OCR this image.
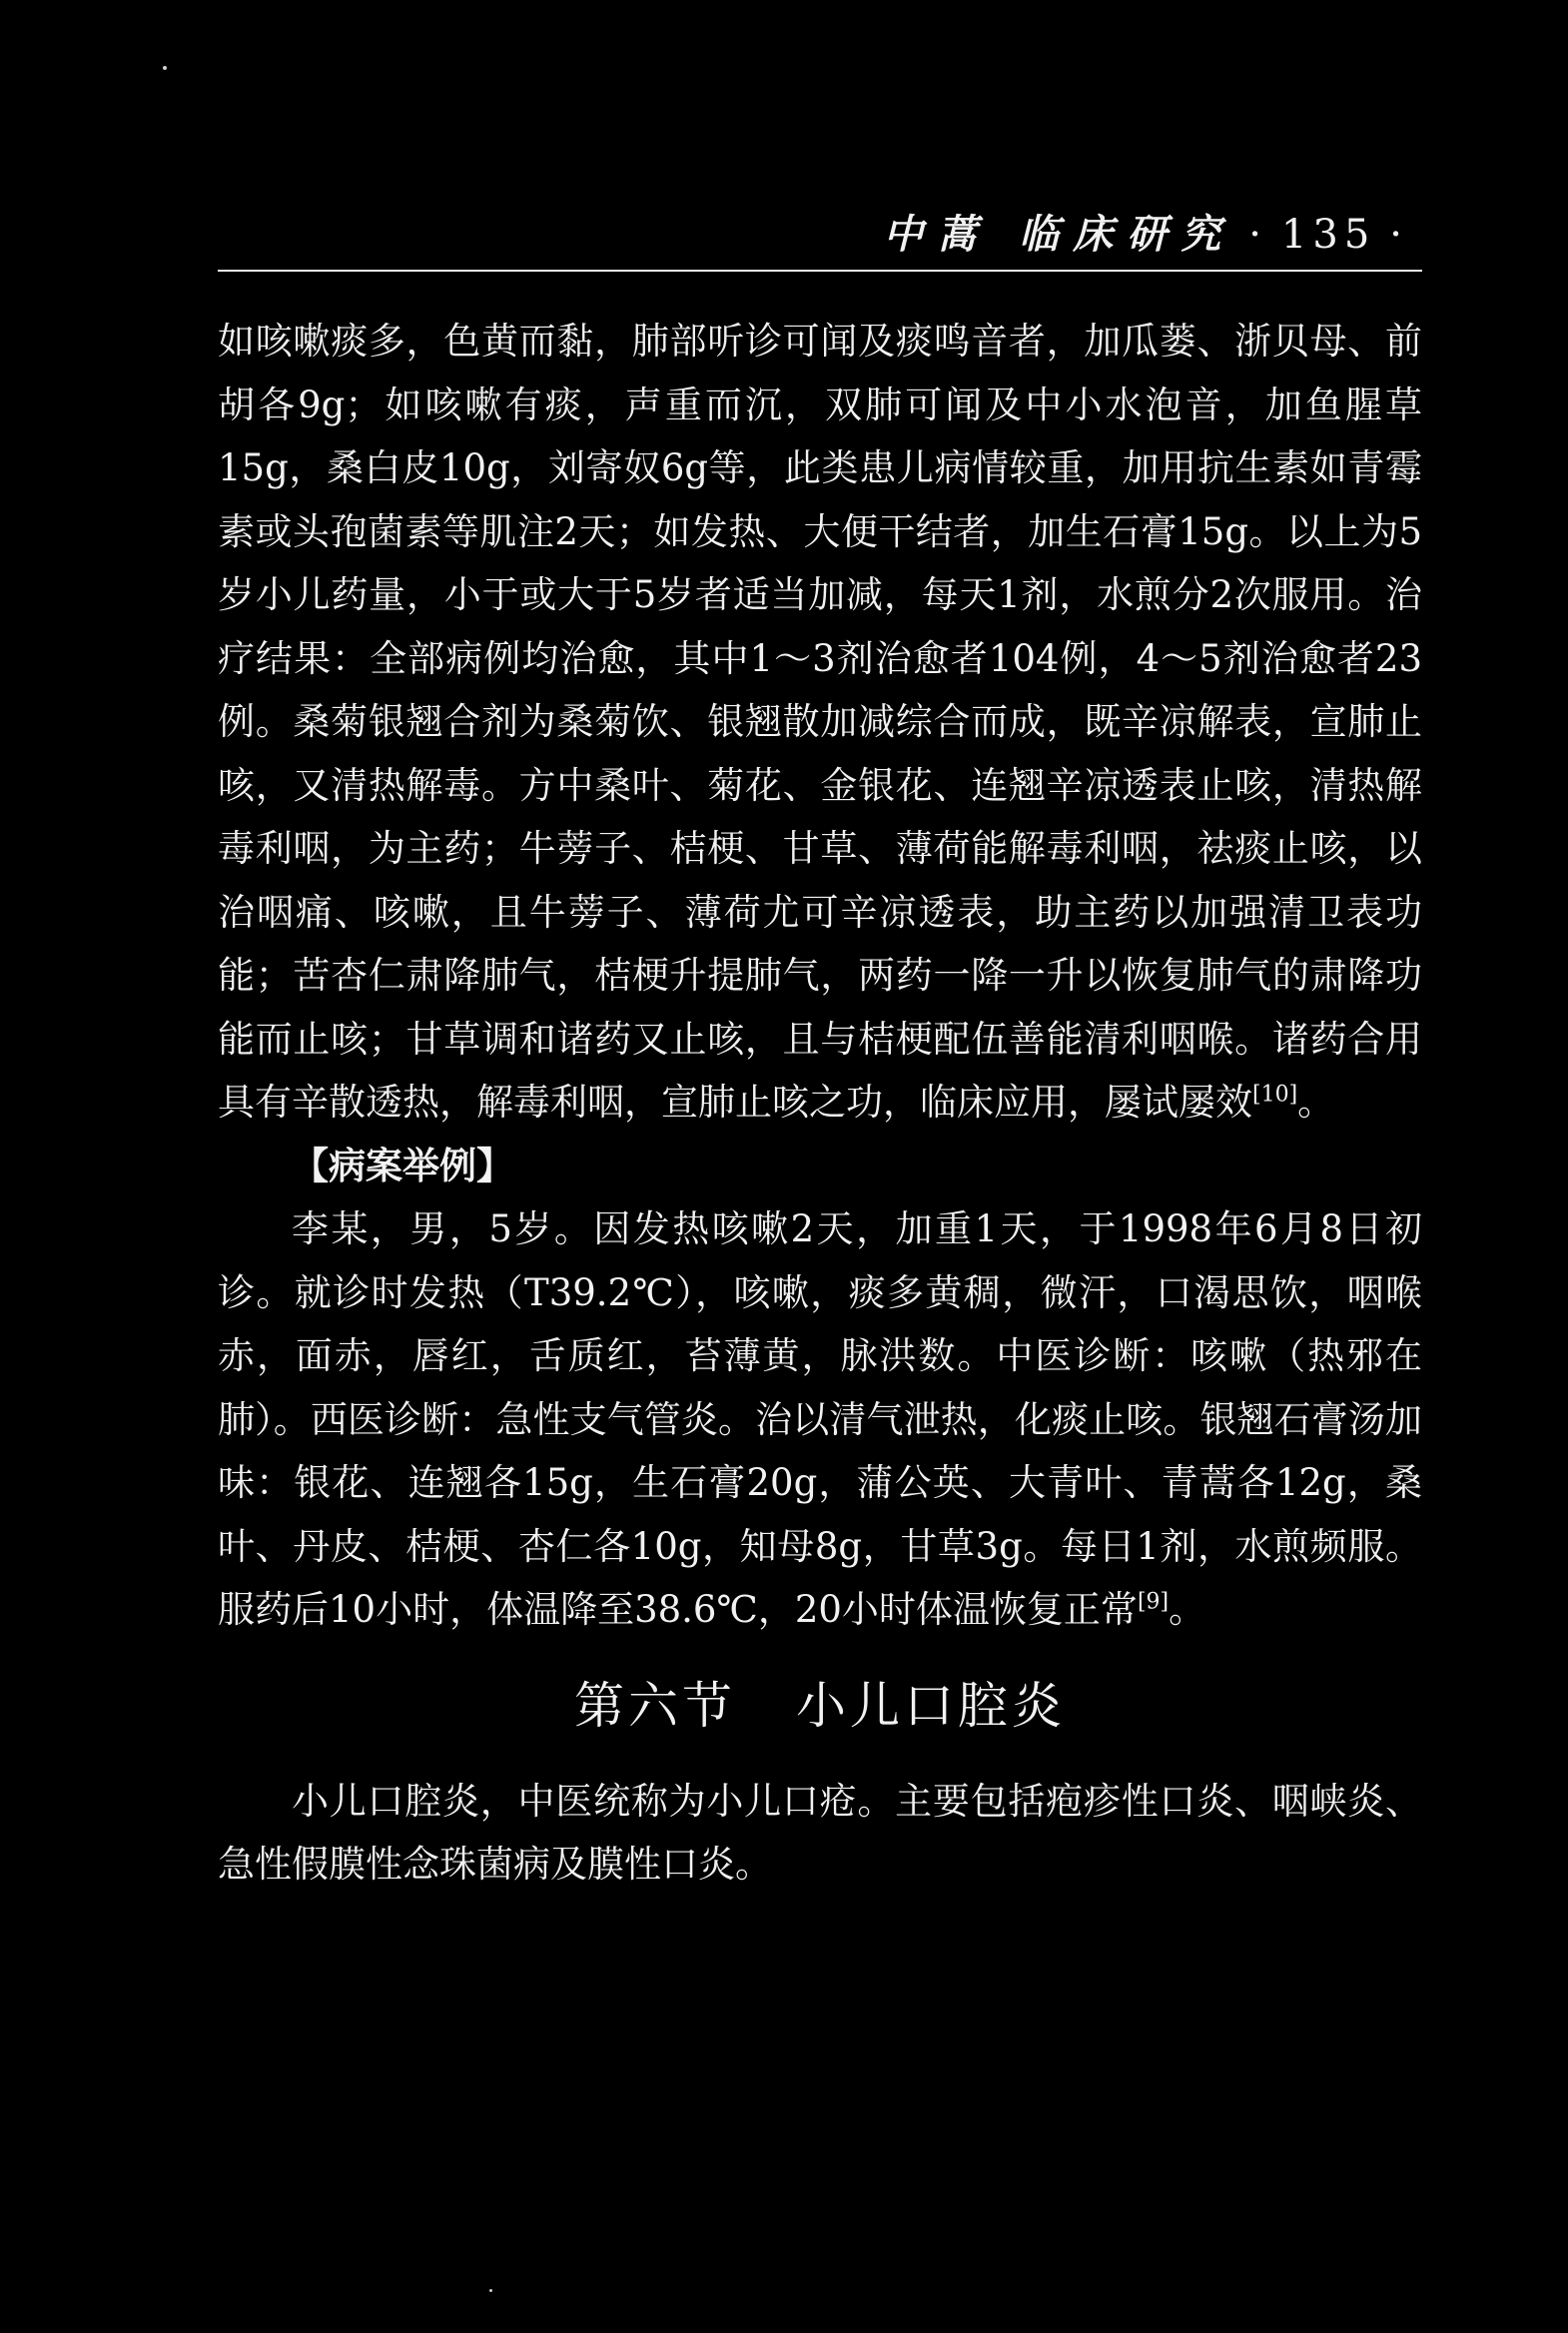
中蒿 临床研究 · 135 ·

如咳嗽痰多，色黄而黏，肺部听诊可闻及痰鸣音者，加瓜蒌、浙贝母、前胡各9g；如咳嗽有痰，声重而沉，双肺可闻及中小水泡音，加鱼腥草15g，桑白皮10g，刘寄奴6g等，此类患儿病情较重，加用抗生素如青霉素或头孢菌素等肌注2天；如发热、大便干结者，加生石膏15g。以上为5岁小儿药量，小于或大于5岁者适当加减，每天1剂，水煎分2次服用。治疗结果：全部病例均治愈，其中1～3剂治愈者104例，4～5剂治愈者23例。桑菊银翘合剂为桑菊饮、银翘散加减综合而成，既辛凉解表，宣肺止咳，又清热解毒。方中桑叶、菊花、金银花、连翘辛凉透表止咳，清热解毒利咽，为主药；牛蒡子、桔梗、甘草、薄荷能解毒利咽，祛痰止咳，以治咽痛、咳嗽，且牛蒡子、薄荷尤可辛凉透表，助主药以加强清卫表功能；苦杏仁肃降肺气，桔梗升提肺气，两药一降一升以恢复肺气的肃降功能而止咳；甘草调和诸药又止咳，且与桔梗配伍善能清利咽喉。诸药合用具有辛散透热，解毒利咽，宣肺止咳之功，临床应用，屡试屡效[10]。

【病案举例】

李某，男，5岁。因发热咳嗽2天，加重1天，于1998年6月8日初诊。就诊时发热（T39.2℃），咳嗽，痰多黄稠，微汗，口渴思饮，咽喉赤，面赤，唇红，舌质红，苔薄黄，脉洪数。中医诊断：咳嗽（热邪在肺）。西医诊断：急性支气管炎。治以清气泄热，化痰止咳。银翘石膏汤加味：银花、连翘各15g，生石膏20g，蒲公英、大青叶、青蒿各12g，桑叶、丹皮、桔梗、杏仁各10g，知母8g，甘草3g。每日1剂，水煎频服。服药后10小时，体温降至38.6℃，20小时体温恢复正常[9]。

第六节 小儿口腔炎

小儿口腔炎，中医统称为小儿口疮。主要包括疱疹性口炎、咽峡炎、急性假膜性念珠菌病及膜性口炎。
